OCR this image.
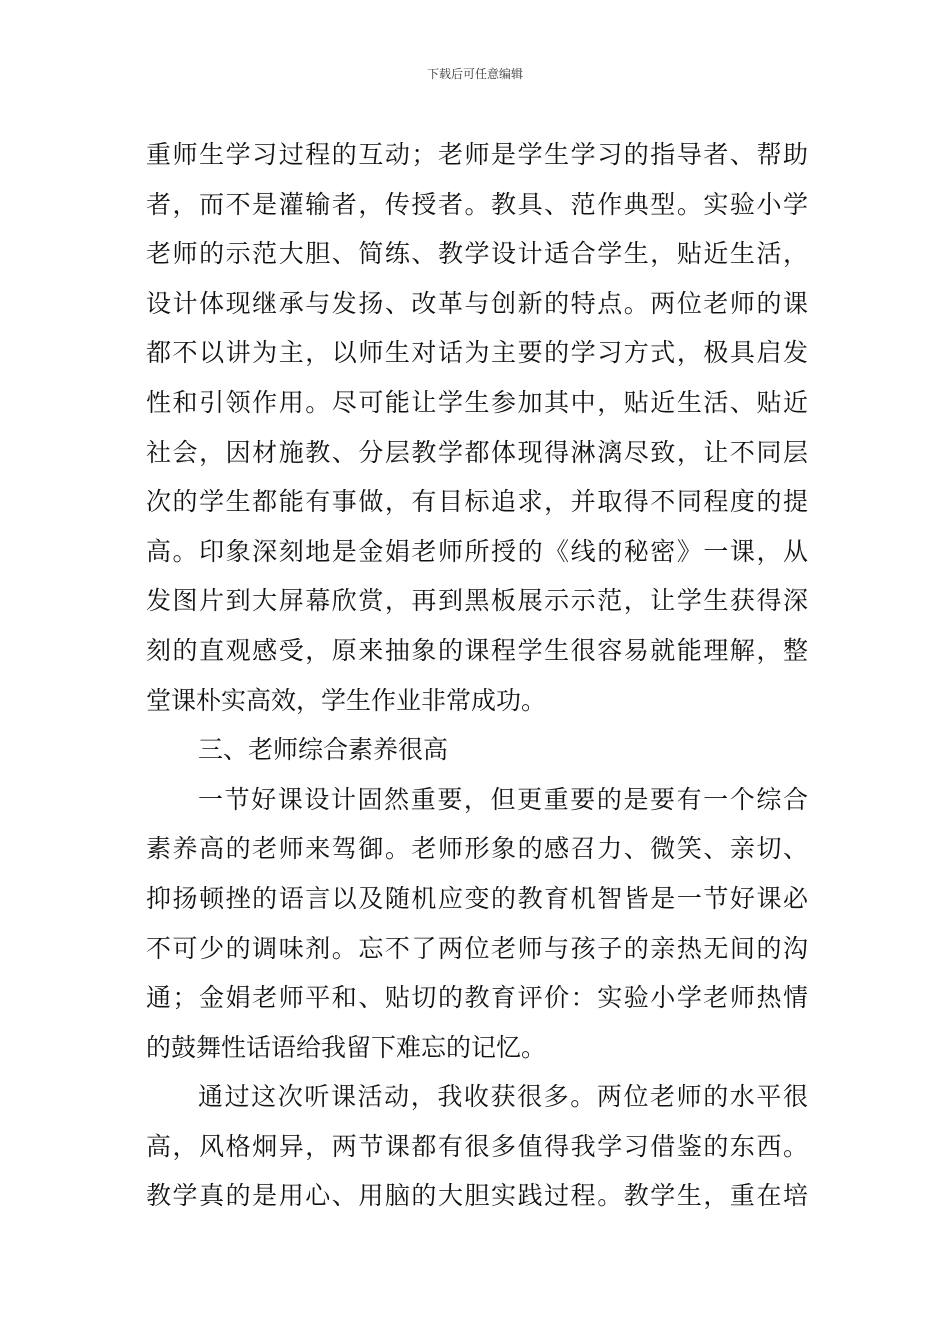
下载后可任意编辑
重师生学习过程的互动；老师是学生学习的指导者、帮助
者，而不是灌输者，传授者。教具、范作典型。实验小学
老师的示范大胆、简练、教学设计适合学生，贴近生活，
设计体现继承与发扬、改革与创新的特点。两位老师的课
都不以讲为主，以师生对话为主要的学习方式，极具启发
性和引领作用。尽可能让学生参加其中，贴近生活、贴近
社会，因材施教、分层教学都体现得淋漓尽致，让不同层
次的学生都能有事做，有目标追求，并取得不同程度的提
高。印象深刻地是金娟老师所授的《线的秘密》一课，从
发图片到大屏幕欣赏，再到黑板展示示范，让学生获得深
刻的直观感受，原来抽象的课程学生很容易就能理解，整
堂课朴实高效，学生作业非常成功。
三、老师综合素养很高
一节好课设计固然重要，但更重要的是要有一个综合
素养高的老师来驾御。老师形象的感召力、微笑、亲切、
抑扬顿挫的语言以及随机应变的教育机智皆是一节好课必
不可少的调味剂。忘不了两位老师与孩子的亲热无间的沟
通；金娟老师平和、贴切的教育评价：实验小学老师热情
的鼓舞性话语给我留下难忘的记忆。
通过这次听课活动，我收获很多。两位老师的水平很
高，风格炯异，两节课都有很多值得我学习借鉴的东西。
教学真的是用心、用脑的大胆实践过程。教学生，重在培
